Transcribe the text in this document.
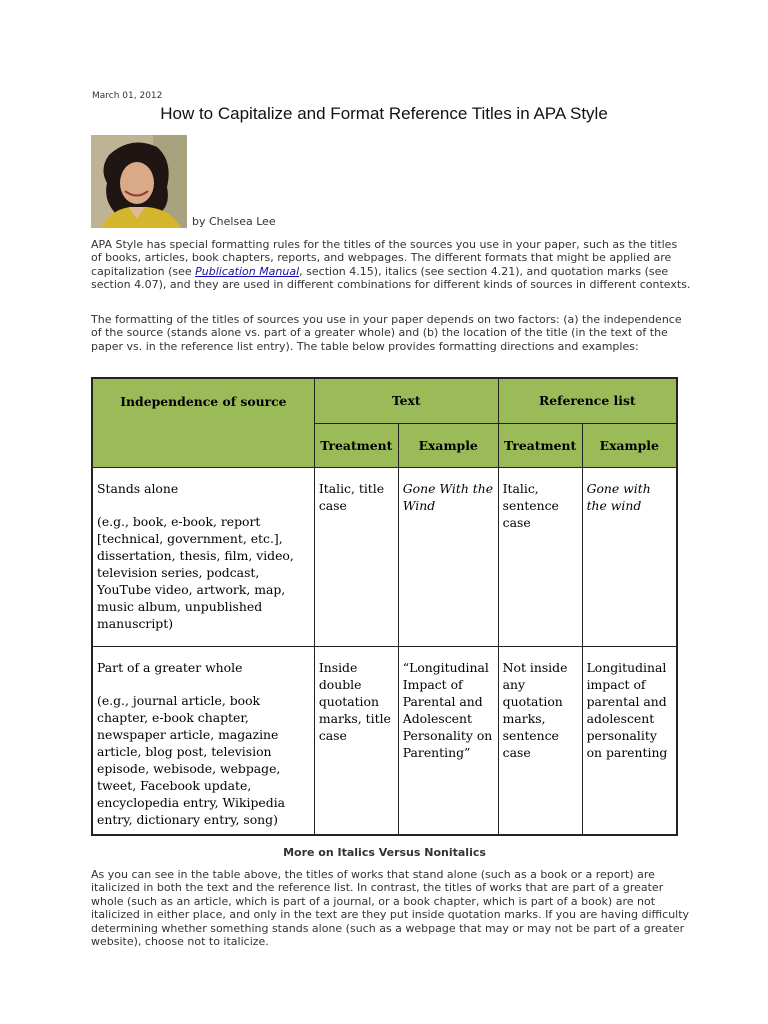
March 01, 2012
How to Capitalize and Format Reference Titles in APA Style
by Chelsea Lee

APA Style has special formatting rules for the titles of the sources you use in your paper, such as the titles of books, articles, book chapters, reports, and webpages. The different formats that might be applied are capitalization (see Publication Manual, section 4.15), italics (see section 4.21), and quotation marks (see section 4.07), and they are used in different combinations for different kinds of sources in different contexts.

The formatting of the titles of sources you use in your paper depends on two factors: (a) the independence of the source (stands alone vs. part of a greater whole) and (b) the location of the title (in the text of the paper vs. in the reference list entry). The table below provides formatting directions and examples:

Independence of source	Text		Reference list	
	Treatment	Example	Treatment	Example
Stands alone
(e.g., book, e-book, report [technical, government, etc.], dissertation, thesis, film, video, television series, podcast, YouTube video, artwork, map, music album, unpublished manuscript)	Italic, title case	Gone With the Wind	Italic, sentence case	Gone with the wind
Part of a greater whole
(e.g., journal article, book chapter, e-book chapter, newspaper article, magazine article, blog post, television episode, webisode, webpage, tweet, Facebook update, encyclopedia entry, Wikipedia entry, dictionary entry, song)	Inside double quotation marks, title case	“Longitudinal Impact of Parental and Adolescent Personality on Parenting”	Not inside any quotation marks, sentence case	Longitudinal impact of parental and adolescent personality on parenting
More on Italics Versus Nonitalics

As you can see in the table above, the titles of works that stand alone (such as a book or a report) are italicized in both the text and the reference list. In contrast, the titles of works that are part of a greater whole (such as an article, which is part of a journal, or a book chapter, which is part of a book) are not italicized in either place, and only in the text are they put inside quotation marks. If you are having difficulty determining whether something stands alone (such as a webpage that may or may not be part of a greater website), choose not to italicize.
